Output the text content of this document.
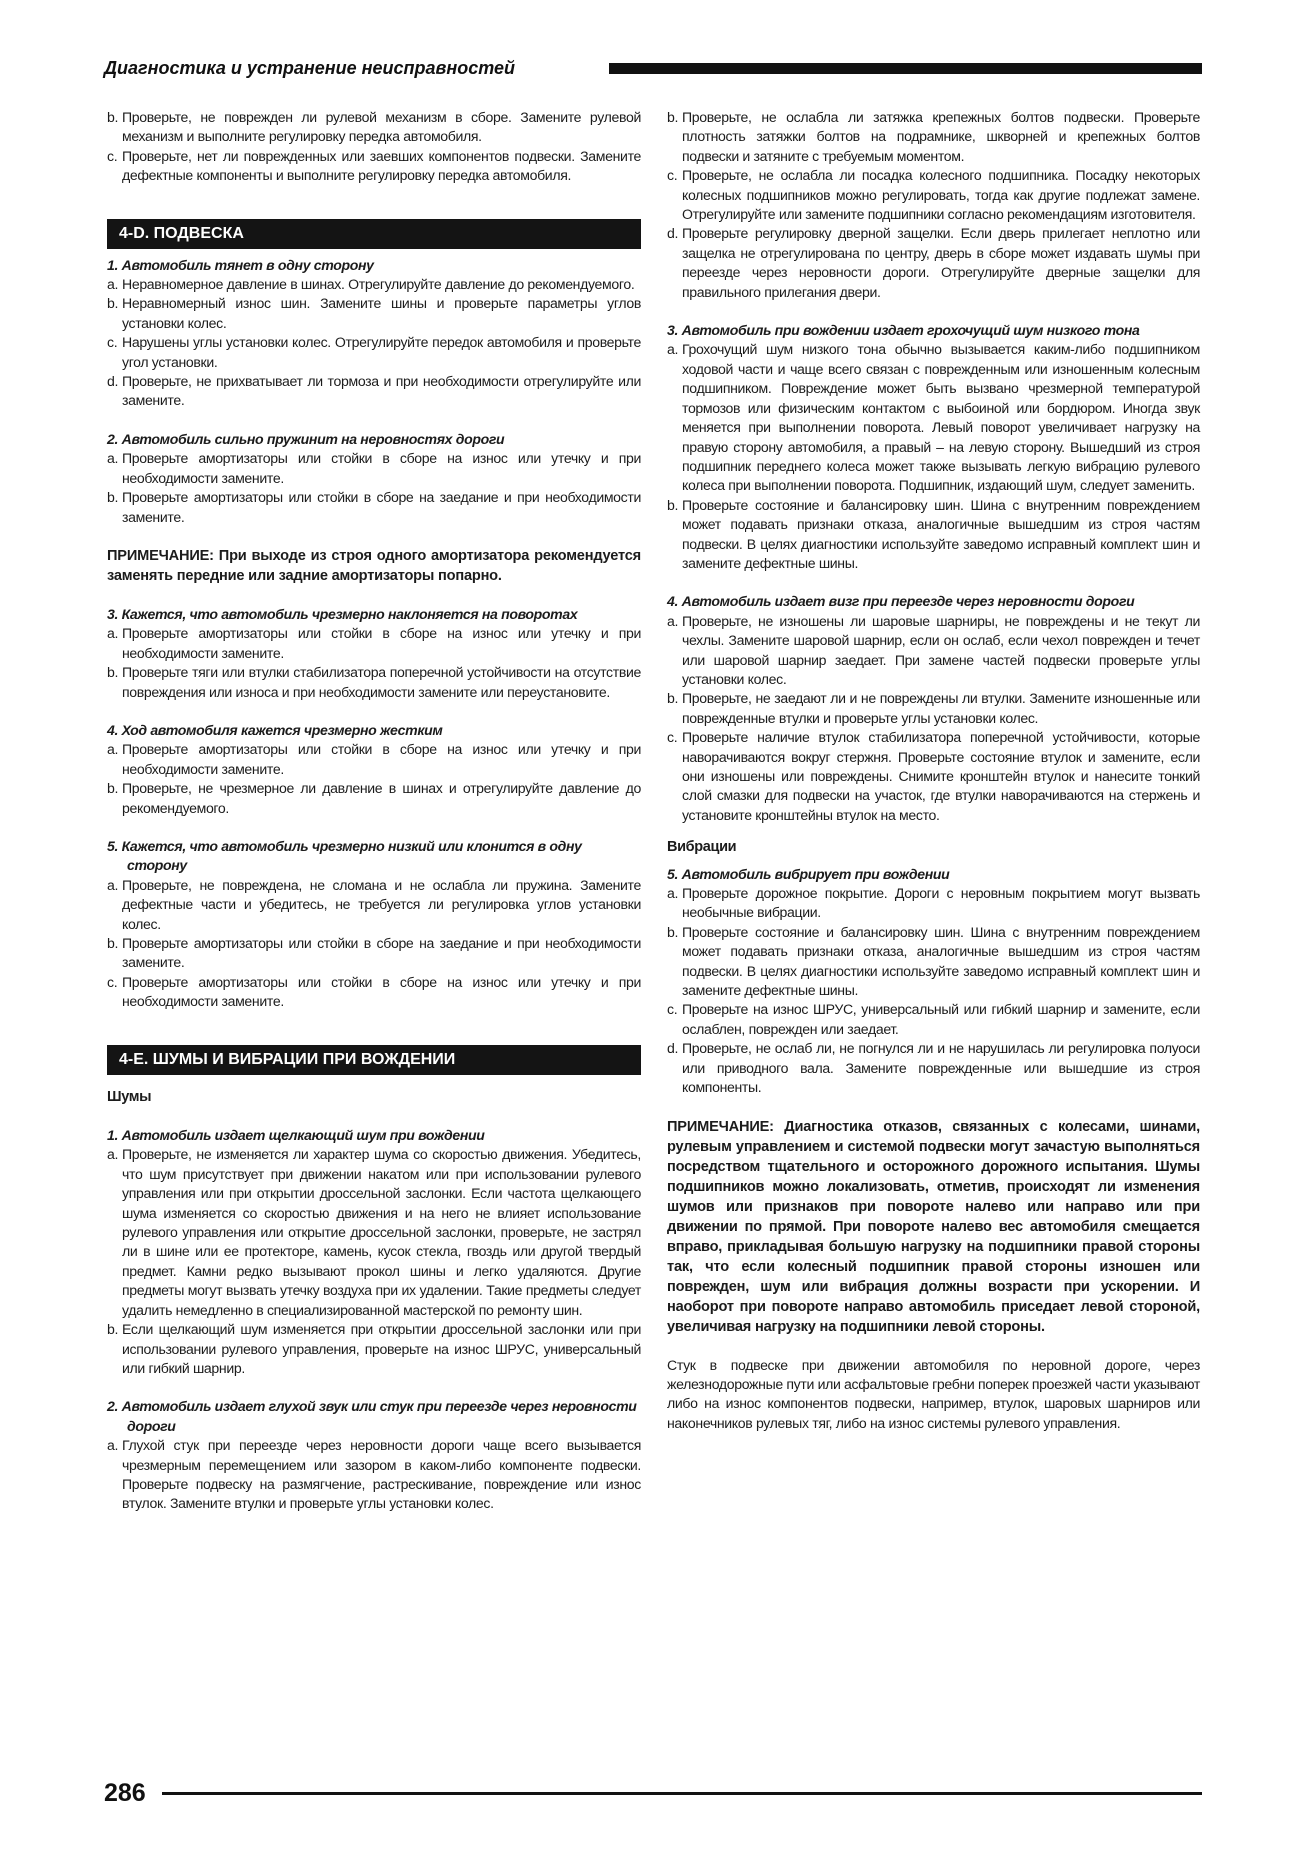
Диагностика и устранение неисправностей

b. Проверьте, не поврежден ли рулевой механизм в сборе. Замените рулевой механизм и выполните регулировку передка автомобиля.

c. Проверьте, нет ли поврежденных или заевших компонентов подвески. Замените дефектные компоненты и выполните регулировку передка автомобиля.

4-D. ПОДВЕСКА

1. Автомобиль тянет в одну сторону

a. Неравномерное давление в шинах. Отрегулируйте давление до рекомендуемого.

b. Неравномерный износ шин. Замените шины и проверьте параметры углов установки колес.

c. Нарушены углы установки колес. Отрегулируйте передок автомобиля и проверьте угол установки.

d. Проверьте, не прихватывает ли тормоза и при необходимости отрегулируйте или замените.

2. Автомобиль сильно пружинит на неровностях дороги

a. Проверьте амортизаторы или стойки в сборе на износ или утечку и при необходимости замените.

b. Проверьте амортизаторы или стойки в сборе на заедание и при необходимости замените.

ПРИМЕЧАНИЕ: При выходе из строя одного амортизатора рекомендуется заменять передние или задние амортизаторы попарно.

3. Кажется, что автомобиль чрезмерно наклоняется на поворотах

a. Проверьте амортизаторы или стойки в сборе на износ или утечку и при необходимости замените.

b. Проверьте тяги или втулки стабилизатора поперечной устойчивости на отсутствие повреждения или износа и при необходимости замените или переустановите.

4. Ход автомобиля кажется чрезмерно жестким

a. Проверьте амортизаторы или стойки в сборе на износ или утечку и при необходимости замените.

b. Проверьте, не чрезмерное ли давление в шинах и отрегулируйте давление до рекомендуемого.

5. Кажется, что автомобиль чрезмерно низкий или клонится в одну сторону

a. Проверьте, не повреждена, не сломана и не ослабла ли пружина. Замените дефектные части и убедитесь, не требуется ли регулировка углов установки колес.

b. Проверьте амортизаторы или стойки в сборе на заедание и при необходимости замените.

c. Проверьте амортизаторы или стойки в сборе на износ или утечку и при необходимости замените.

4-E. ШУМЫ И ВИБРАЦИИ ПРИ ВОЖДЕНИИ

Шумы

1. Автомобиль издает щелкающий шум при вождении

a. Проверьте, не изменяется ли характер шума со скоростью движения. Убедитесь, что шум присутствует при движении накатом или при использовании рулевого управления или при открытии дроссельной заслонки. Если частота щелкающего шума изменяется со скоростью движения и на него не влияет использование рулевого управления или открытие дроссельной заслонки, проверьте, не застрял ли в шине или ее протекторе, камень, кусок стекла, гвоздь или другой твердый предмет. Камни редко вызывают прокол шины и легко удаляются. Другие предметы могут вызвать утечку воздуха при их удалении. Такие предметы следует удалить немедленно в специализированной мастерской по ремонту шин.

b. Если щелкающий шум изменяется при открытии дроссельной заслонки или при использовании рулевого управления, проверьте на износ ШРУС, универсальный или гибкий шарнир.

2. Автомобиль издает глухой звук или стук при переезде через неровности дороги

a. Глухой стук при переезде через неровности дороги чаще всего вызывается чрезмерным перемещением или зазором в каком-либо компоненте подвески. Проверьте подвеску на размягчение, растрескивание, повреждение или износ втулок. Замените втулки и проверьте углы установки колес.

b. Проверьте, не ослабла ли затяжка крепежных болтов подвески. Проверьте плотность затяжки болтов на подрамнике, шкворней и крепежных болтов подвески и затяните с требуемым моментом.

c. Проверьте, не ослабла ли посадка колесного подшипника. Посадку некоторых колесных подшипников можно регулировать, тогда как другие подлежат замене. Отрегулируйте или замените подшипники согласно рекомендациям изготовителя.

d. Проверьте регулировку дверной защелки. Если дверь прилегает неплотно или защелка не отрегулирована по центру, дверь в сборе может издавать шумы при переезде через неровности дороги. Отрегулируйте дверные защелки для правильного прилегания двери.

3. Автомобиль при вождении издает грохочущий шум низкого тона

a. Грохочущий шум низкого тона обычно вызывается каким-либо подшипником ходовой части и чаще всего связан с поврежденным или изношенным колесным подшипником. Повреждение может быть вызвано чрезмерной температурой тормозов или физическим контактом с выбоиной или бордюром. Иногда звук меняется при выполнении поворота. Левый поворот увеличивает нагрузку на правую сторону автомобиля, а правый – на левую сторону. Вышедший из строя подшипник переднего колеса может также вызывать легкую вибрацию рулевого колеса при выполнении поворота. Подшипник, издающий шум, следует заменить.

b. Проверьте состояние и балансировку шин. Шина с внутренним повреждением может подавать признаки отказа, аналогичные вышедшим из строя частям подвески. В целях диагностики используйте заведомо исправный комплект шин и замените дефектные шины.

4. Автомобиль издает визг при переезде через неровности дороги

a. Проверьте, не изношены ли шаровые шарниры, не повреждены и не текут ли чехлы. Замените шаровой шарнир, если он ослаб, если чехол поврежден и течет или шаровой шарнир заедает. При замене частей подвески проверьте углы установки колес.

b. Проверьте, не заедают ли и не повреждены ли втулки. Замените изношенные или поврежденные втулки и проверьте углы установки колес.

c. Проверьте наличие втулок стабилизатора поперечной устойчивости, которые наворачиваются вокруг стержня. Проверьте состояние втулок и замените, если они изношены или повреждены. Снимите кронштейн втулок и нанесите тонкий слой смазки для подвески на участок, где втулки наворачиваются на стержень и установите кронштейны втулок на место.

Вибрации

5. Автомобиль вибрирует при вождении

a. Проверьте дорожное покрытие. Дороги с неровным покрытием могут вызвать необычные вибрации.

b. Проверьте состояние и балансировку шин. Шина с внутренним повреждением может подавать признаки отказа, аналогичные вышедшим из строя частям подвески. В целях диагностики используйте заведомо исправный комплект шин и замените дефектные шины.

c. Проверьте на износ ШРУС, универсальный или гибкий шарнир и замените, если ослаблен, поврежден или заедает.

d. Проверьте, не ослаб ли, не погнулся ли и не нарушилась ли регулировка полуоси или приводного вала. Замените поврежденные или вышедшие из строя компоненты.

ПРИМЕЧАНИЕ: Диагностика отказов, связанных с колесами, шинами, рулевым управлением и системой подвески могут зачастую выполняться посредством тщательного и осторожного дорожного испытания. Шумы подшипников можно локализовать, отметив, происходят ли изменения шумов или признаков при повороте налево или направо или при движении по прямой. При повороте налево вес автомобиля смещается вправо, прикладывая большую нагрузку на подшипники правой стороны так, что если колесный подшипник правой стороны изношен или поврежден, шум или вибрация должны возрасти при ускорении. И наоборот при повороте направо автомобиль приседает левой стороной, увеличивая нагрузку на подшипники левой стороны.

Стук в подвеске при движении автомобиля по неровной дороге, через железнодорожные пути или асфальтовые гребни поперек проезжей части указывают либо на износ компонентов подвески, например, втулок, шаровых шарниров или наконечников рулевых тяг, либо на износ системы рулевого управления.

286
